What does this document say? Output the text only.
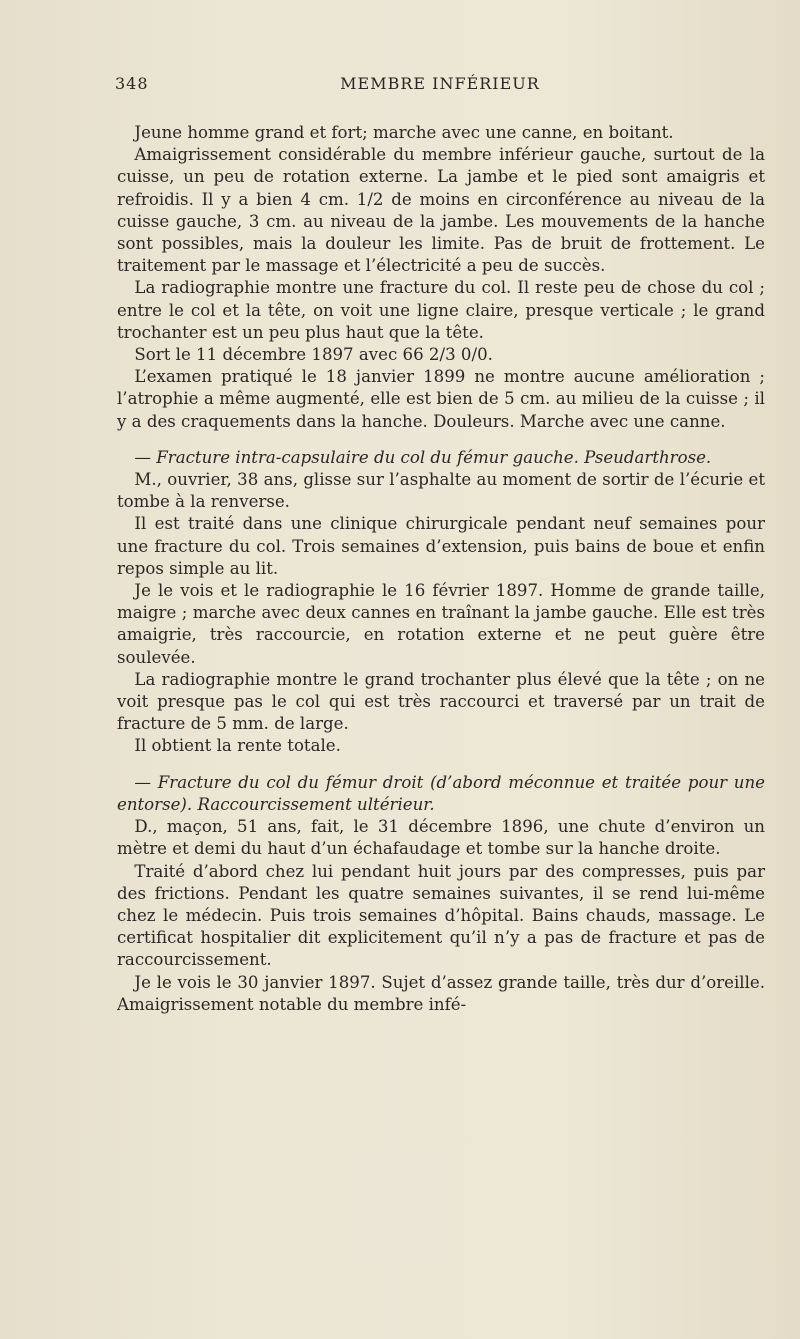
348	MEMBRE INFÉRIEUR

Jeune homme grand et fort; marche avec une canne, en boitant.

Amaigrissement considérable du membre inférieur gauche, surtout de la cuisse, un peu de rotation externe. La jambe et le pied sont amaigris et refroidis. Il y a bien 4 cm. 1/2 de moins en circonférence au niveau de la cuisse gauche, 3 cm. au niveau de la jambe. Les mouvements de la hanche sont possibles, mais la douleur les limite. Pas de bruit de frottement. Le traitement par le massage et l’électricité a peu de succès.

La radiographie montre une fracture du col. Il reste peu de chose du col ; entre le col et la tête, on voit une ligne claire, presque verticale ; le grand trochanter est un peu plus haut que la tête.

Sort le 11 décembre 1897 avec 66 2/3 0/0.

L’examen pratiqué le 18 janvier 1899 ne montre aucune amélioration ; l’atrophie a même augmenté, elle est bien de 5 cm. au milieu de la cuisse ; il y a des craquements dans la hanche. Douleurs. Marche avec une canne.

— Fracture intra-capsulaire du col du fémur gauche. Pseudarthrose.

M., ouvrier, 38 ans, glisse sur l’asphalte au moment de sortir de l’écurie et tombe à la renverse.

Il est traité dans une clinique chirurgicale pendant neuf semaines pour une fracture du col. Trois semaines d’extension, puis bains de boue et enfin repos simple au lit.

Je le vois et le radiographie le 16 février 1897. Homme de grande taille, maigre ; marche avec deux cannes en traînant la jambe gauche. Elle est très amaigrie, très raccourcie, en rotation externe et ne peut guère être soulevée.

La radiographie montre le grand trochanter plus élevé que la tête ; on ne voit presque pas le col qui est très raccourci et traversé par un trait de fracture de 5 mm. de large.

Il obtient la rente totale.

— Fracture du col du fémur droit (d’abord méconnue et traitée pour une entorse). Raccourcissement ultérieur.

D., maçon, 51 ans, fait, le 31 décembre 1896, une chute d’environ un mètre et demi du haut d’un échafaudage et tombe sur la hanche droite.

Traité d’abord chez lui pendant huit jours par des compresses, puis par des frictions. Pendant les quatre semaines suivantes, il se rend lui-même chez le médecin. Puis trois semaines d’hôpital. Bains chauds, massage. Le certificat hospitalier dit explicitement qu’il n’y a pas de fracture et pas de raccourcissement.

Je le vois le 30 janvier 1897. Sujet d’assez grande taille, très dur d’oreille. Amaigrissement notable du membre infé-
